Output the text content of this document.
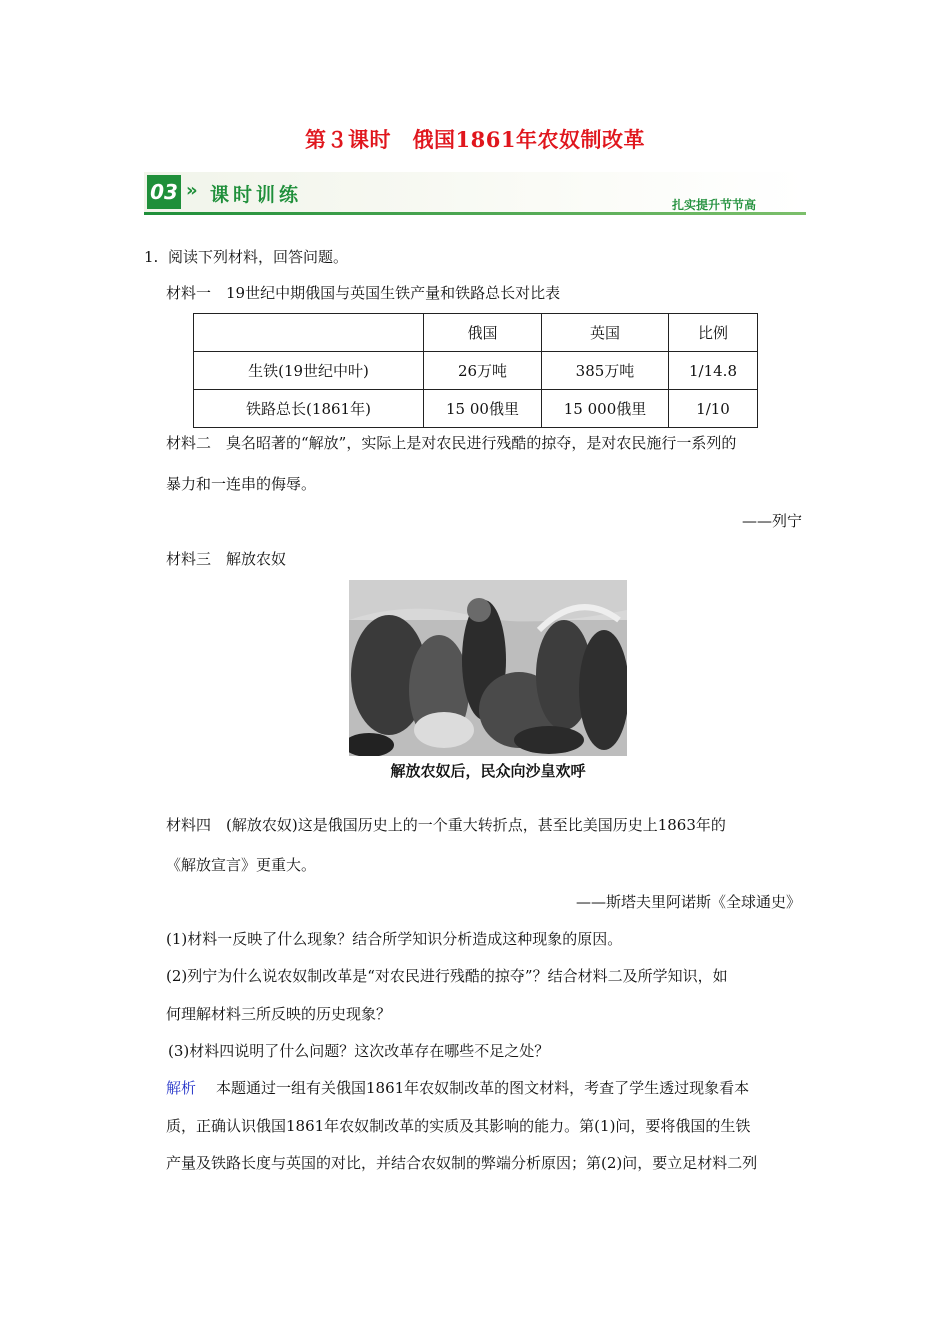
第３课时　俄国1861年农奴制改革
03 » 课时训练	扎实提升节节高
1. 阅读下列材料，回答问题。
材料一　19世纪中期俄国与英国生铁产量和铁路总长对比表
	俄国	英国	比例
生铁(19世纪中叶)	26万吨	385万吨	1/14.8
铁路总长(1861年)	15 00俄里	15 000俄里	1/10
材料二　臭名昭著的“解放”，实际上是对农民进行残酷的掠夺，是对农民施行一系列的
暴力和一连串的侮辱。
——列宁
材料三　解放农奴
解放农奴后，民众向沙皇欢呼
材料四　(解放农奴)这是俄国历史上的一个重大转折点，甚至比美国历史上1863年的
《解放宣言》更重大。
——斯塔夫里阿诺斯《全球通史》
(1)材料一反映了什么现象？结合所学知识分析造成这种现象的原因。
(2)列宁为什么说农奴制改革是“对农民进行残酷的掠夺”？结合材料二及所学知识，如
何理解材料三所反映的历史现象？
(3)材料四说明了什么问题？这次改革存在哪些不足之处？
解析 本题通过一组有关俄国1861年农奴制改革的图文材料，考查了学生透过现象看本
质，正确认识俄国1861年农奴制改革的实质及其影响的能力。第(1)问，要将俄国的生铁
产量及铁路长度与英国的对比，并结合农奴制的弊端分析原因；第(2)问，要立足材料二列
